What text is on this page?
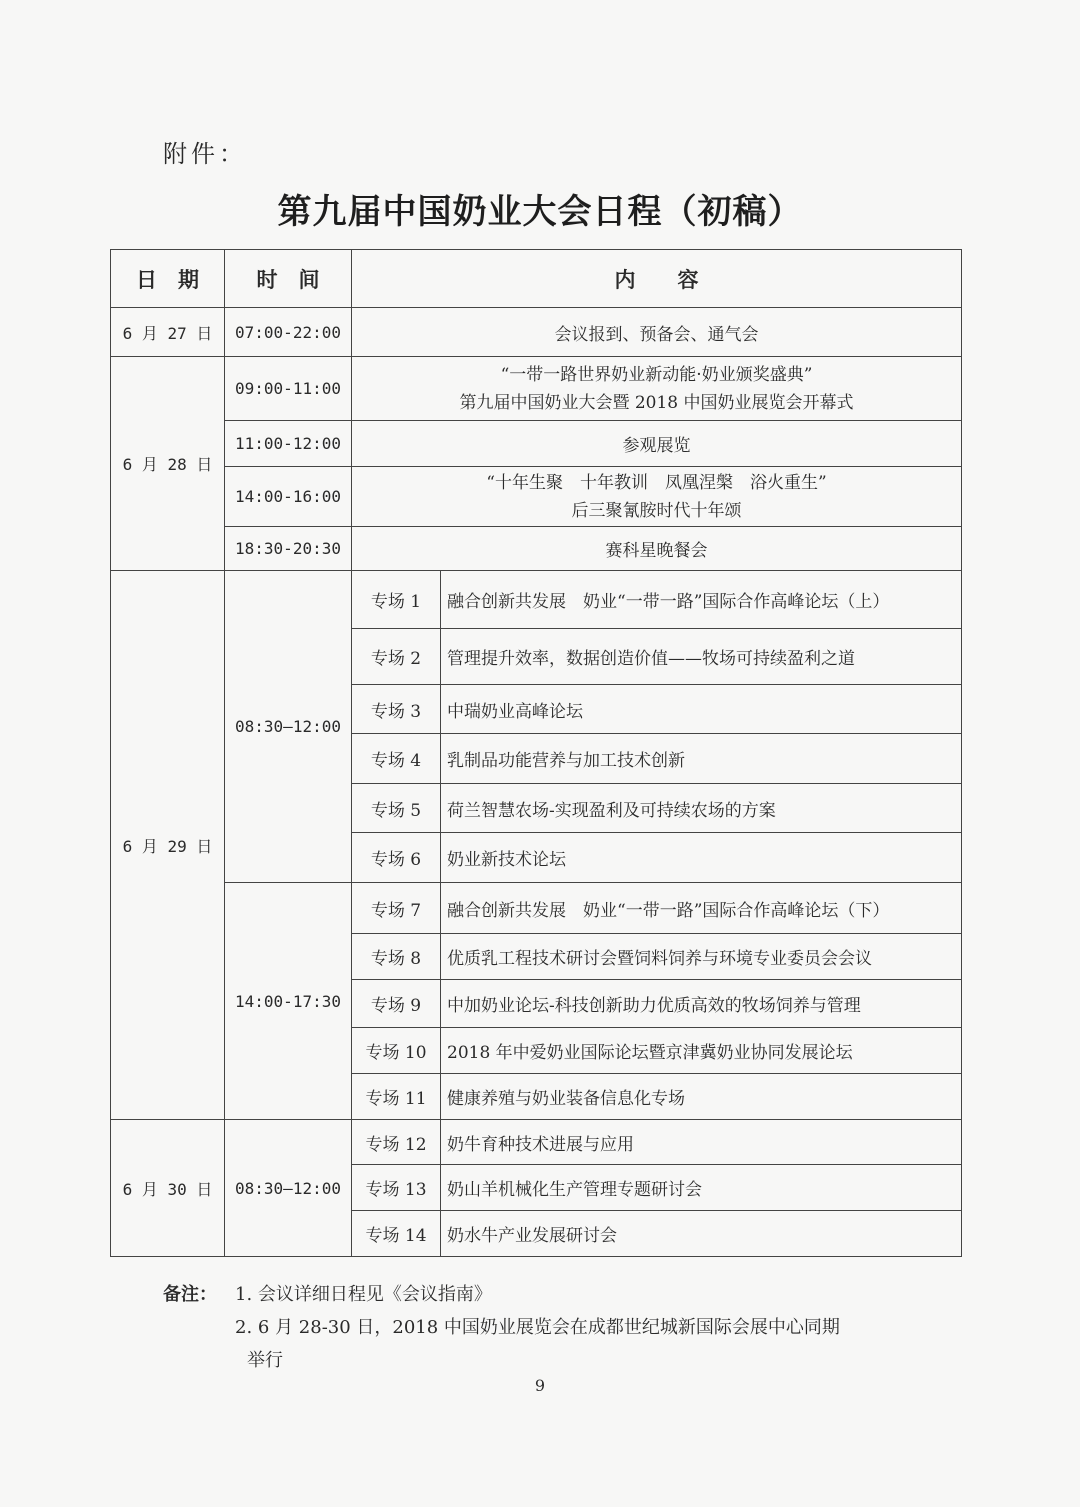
附件：
第九届中国奶业大会日程（初稿）
日　期	时　间	内　　容	
6 月 27 日	07:00-22:00	会议报到、预备会、通气会	
6 月 28 日	09:00-11:00	“一带一路世界奶业新动能·奶业颁奖盛典”
第九届中国奶业大会暨 2018 中国奶业展览会开幕式	

	11:00-12:00	参观展览	
	14:00-16:00	“十年生聚　十年教训　凤凰涅槃　浴火重生”
后三聚氰胺时代十年颂	

	18:30-20:30	赛科星晚餐会	
6 月 29 日	08:30—12:00	专场 1	融合创新共发展　奶业“一带一路”国际合作高峰论坛（上）
		专场 2	管理提升效率，数据创造价值——牧场可持续盈利之道
		专场 3	中瑞奶业高峰论坛
		专场 4	乳制品功能营养与加工技术创新
		专场 5	荷兰智慧农场-实现盈利及可持续农场的方案
		专场 6	奶业新技术论坛
	14:00-17:30	专场 7	融合创新共发展　奶业“一带一路”国际合作高峰论坛（下）
		专场 8	优质乳工程技术研讨会暨饲料饲养与环境专业委员会会议
		专场 9	中加奶业论坛-科技创新助力优质高效的牧场饲养与管理
		专场 10	2018 年中爱奶业国际论坛暨京津冀奶业协同发展论坛
		专场 11	健康养殖与奶业装备信息化专场
6 月 30 日	08:30—12:00	专场 12	奶牛育种技术进展与应用
		专场 13	奶山羊机械化生产管理专题研讨会
		专场 14	奶水牛产业发展研讨会
备注： 1. 会议详细日程见《会议指南》
2. 6 月 28-30 日，2018 中国奶业展览会在成都世纪城新国际会展中心同期
举行
9
